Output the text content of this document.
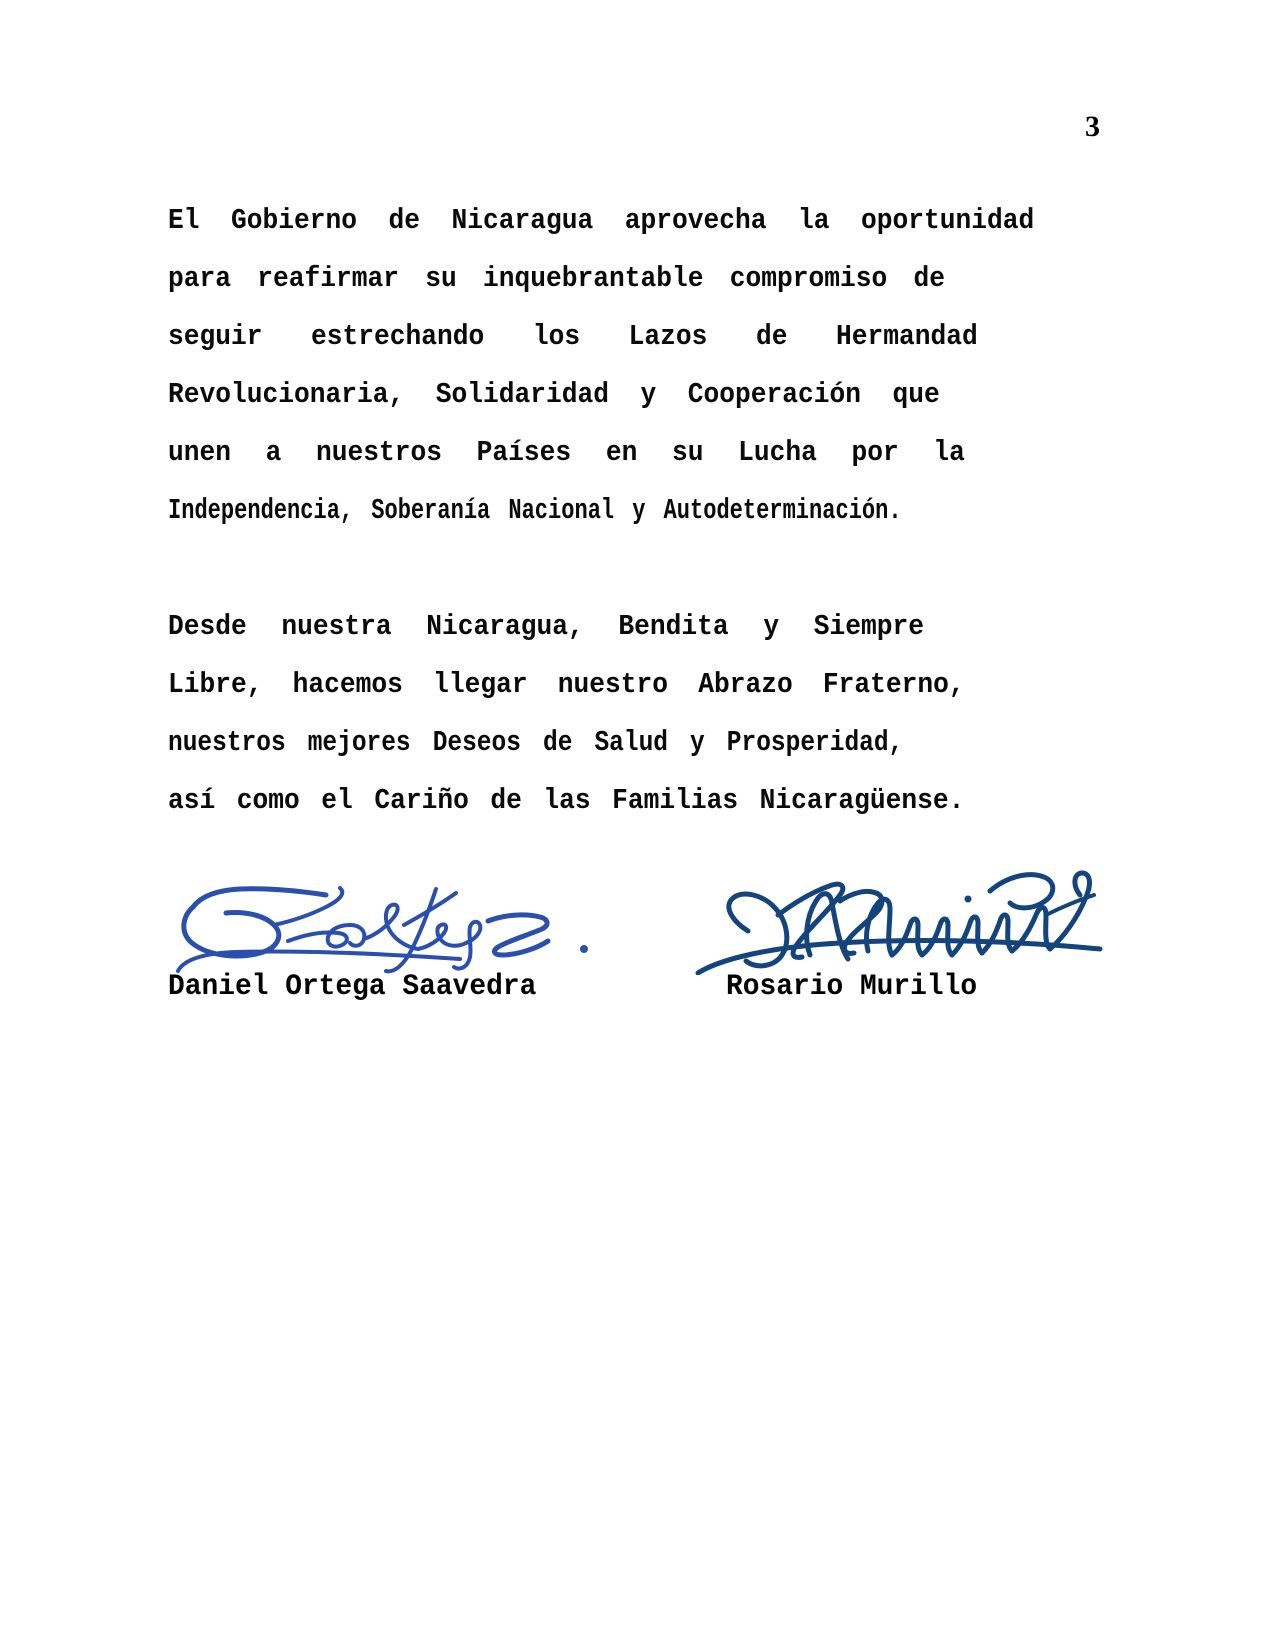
3
El Gobierno de Nicaragua aprovecha la oportunidad
para reafirmar su inquebrantable compromiso de
seguir estrechando los Lazos de Hermandad
Revolucionaria, Solidaridad y Cooperación que
unen a nuestros Países en su Lucha por la
Independencia, Soberanía Nacional y Autodeterminación.
Desde nuestra Nicaragua, Bendita y Siempre
Libre, hacemos llegar nuestro Abrazo Fraterno,
nuestros mejores Deseos de Salud y Prosperidad,
así como el Cariño de las Familias Nicaragüense.
Daniel Ortega Saavedra	Rosario Murillo
